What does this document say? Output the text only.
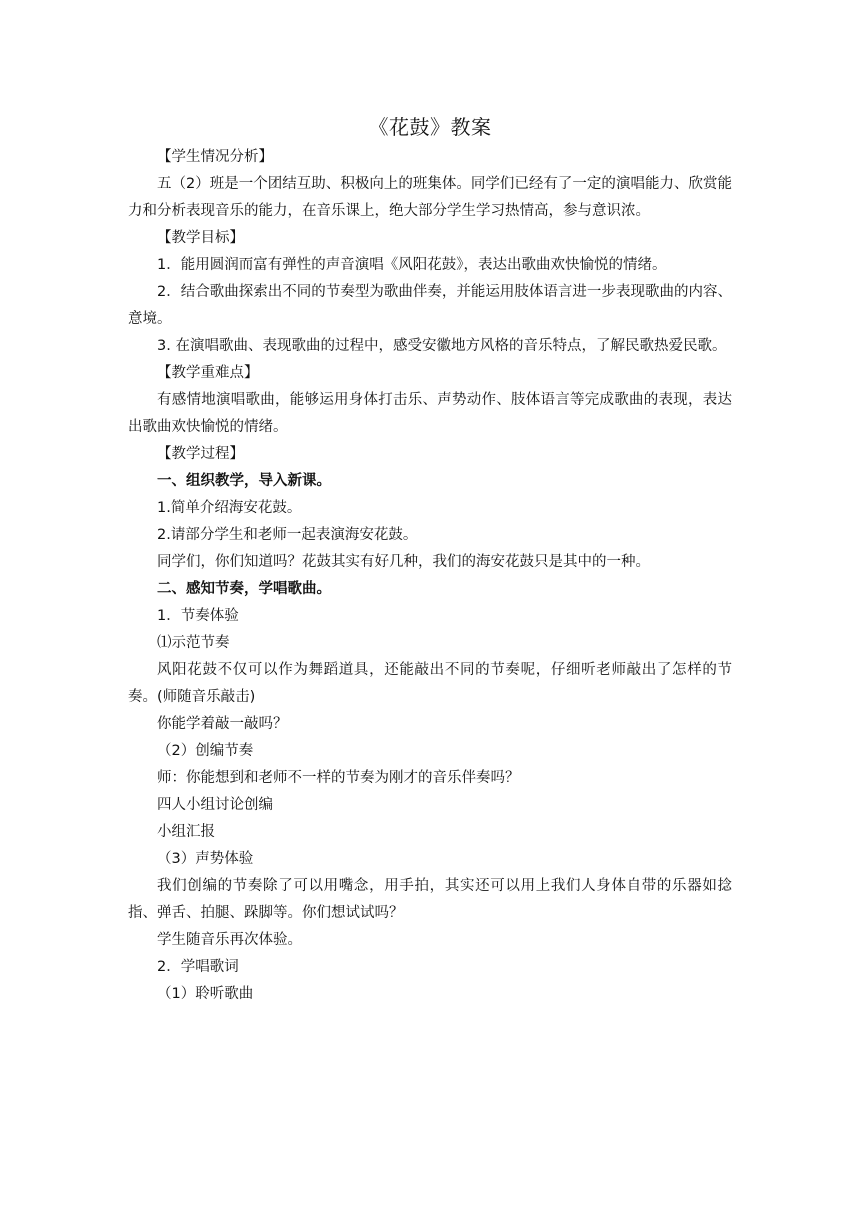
《花鼓》教案

【学生情况分析】

五（2）班是一个团结互助、积极向上的班集体。同学们已经有了一定的演唱能力、欣赏能力和分析表现音乐的能力，在音乐课上，绝大部分学生学习热情高，参与意识浓。

【教学目标】

1．能用圆润而富有弹性的声音演唱《风阳花鼓》，表达出歌曲欢快愉悦的情绪。

2．结合歌曲探索出不同的节奏型为歌曲伴奏，并能运用肢体语言进一步表现歌曲的内容、意境。

3. 在演唱歌曲、表现歌曲的过程中，感受安徽地方风格的音乐特点，了解民歌热爱民歌。

【教学重难点】

有感情地演唱歌曲，能够运用身体打击乐、声势动作、肢体语言等完成歌曲的表现，表达出歌曲欢快愉悦的情绪。

【教学过程】

一、组织教学，导入新课。

1.简单介绍海安花鼓。

2.请部分学生和老师一起表演海安花鼓。

同学们，你们知道吗？花鼓其实有好几种，我们的海安花鼓只是其中的一种。

二、感知节奏，学唱歌曲。

1．节奏体验

⑴示范节奏

风阳花鼓不仅可以作为舞蹈道具，还能敲出不同的节奏呢，仔细听老师敲出了怎样的节奏。(师随音乐敲击)

你能学着敲一敲吗？

（2）创编节奏

师：你能想到和老师不一样的节奏为刚才的音乐伴奏吗？

四人小组讨论创编

小组汇报

（3）声势体验

我们创编的节奏除了可以用嘴念，用手拍，其实还可以用上我们人身体自带的乐器如捻指、弹舌、拍腿、跺脚等。你们想试试吗？

学生随音乐再次体验。

2．学唱歌词

（1）聆听歌曲
